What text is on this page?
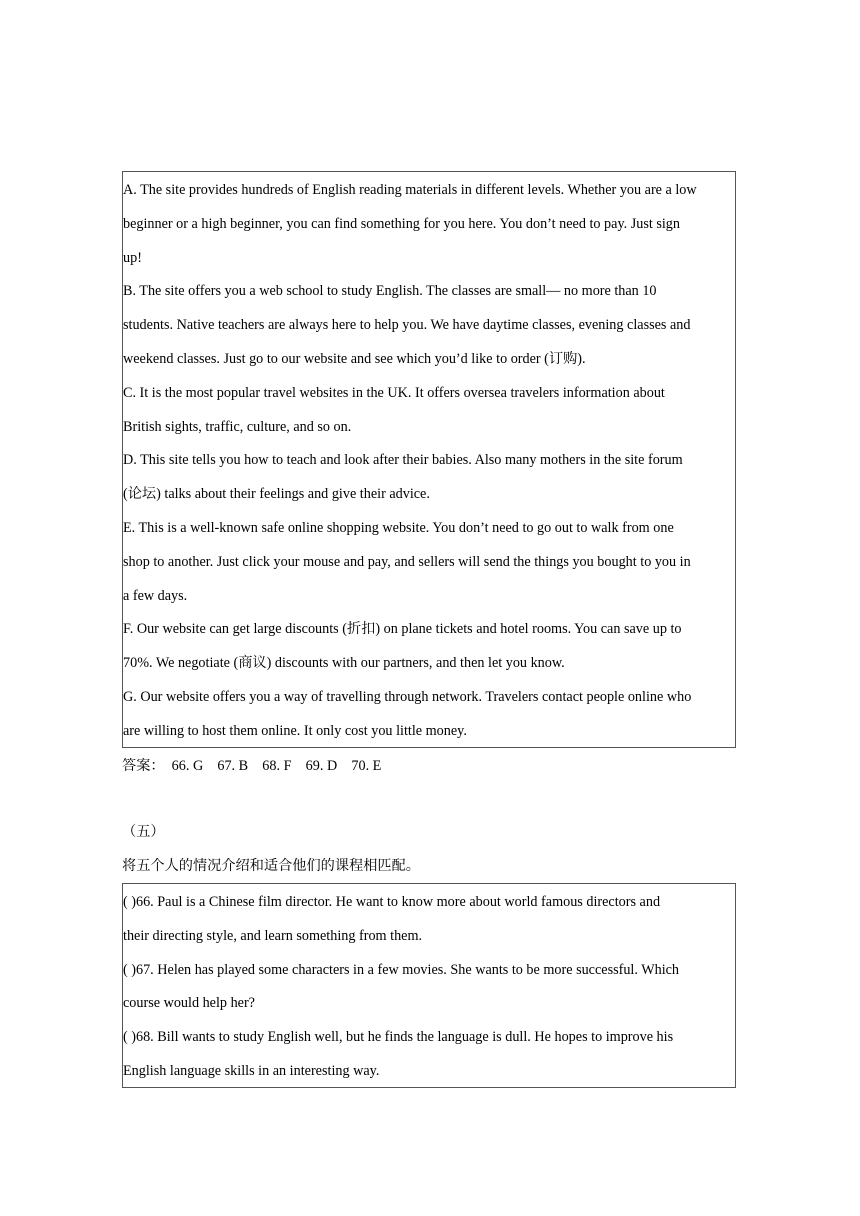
A. The site provides hundreds of English reading materials in different levels. Whether you are a low
beginner or a high beginner, you can find something for you here. You don’t need to pay. Just sign
up!
B. The site offers you a web school to study English. The classes are small— no more than 10
students. Native teachers are always here to help you. We have daytime classes, evening classes and
weekend classes. Just go to our website and see which you’d like to order (订购).
C. It is the most popular travel websites in the UK. It offers oversea travelers information about
British sights, traffic, culture, and so on.
D. This site tells you how to teach and look after their babies. Also many mothers in the site forum
(论坛) talks about their feelings and give their advice.
E. This is a well-known safe online shopping website. You don’t need to go out to walk from one
shop to another. Just click your mouse and pay, and sellers will send the things you bought to you in
a few days.
F. Our website can get large discounts (折扣) on plane tickets and hotel rooms. You can save up to
70%. We negotiate (商议) discounts with our partners, and then let you know.
G. Our website offers you a way of travelling through network. Travelers contact people online who
are willing to host them online. It only cost you little money.
答案：  66. G    67. B    68. F    69. D    70. E
（五）
将五个人的情况介绍和适合他们的课程相匹配。
( )66. Paul is a Chinese film director. He want to know more about world famous directors and
their directing style, and learn something from them.
( )67. Helen has played some characters in a few movies. She wants to be more successful. Which
course would help her?
( )68. Bill wants to study English well, but he finds the language is dull. He hopes to improve his
English language skills in an interesting way.
